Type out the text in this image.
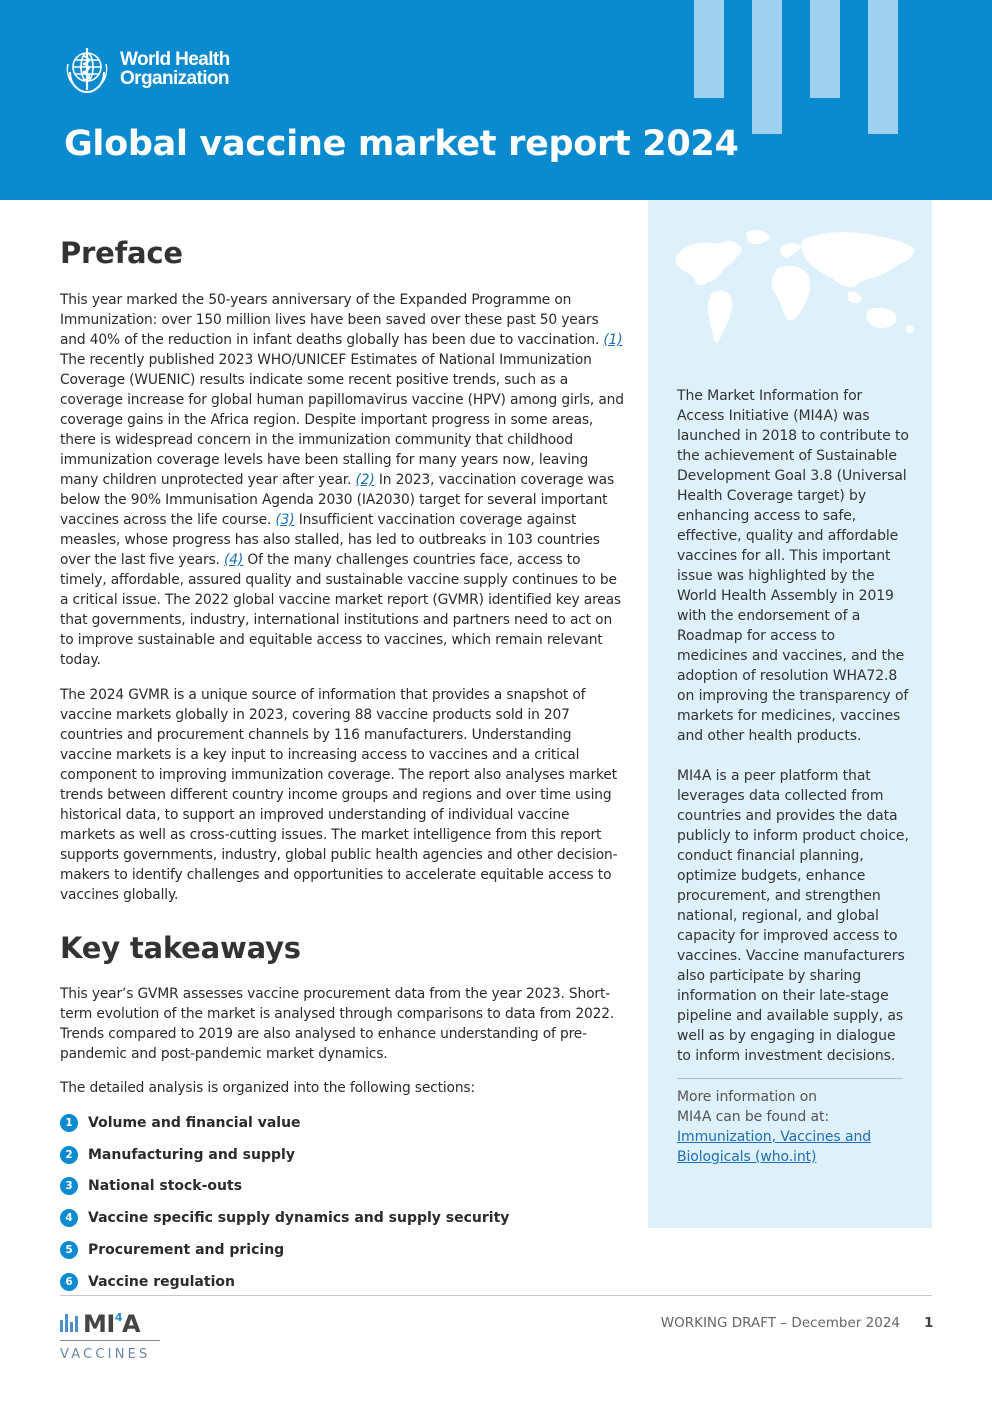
World Health
Organization
Global vaccine market report 2024
Preface

This year marked the 50-years anniversary of the Expanded Programme on Immunization: over 150 million lives have been saved over these past 50 years and 40% of the reduction in infant deaths globally has been due to vaccination. (1) The recently published 2023 WHO/UNICEF Estimates of National Immunization Coverage (WUENIC) results indicate some recent positive trends, such as a coverage increase for global human papillomavirus vaccine (HPV) among girls, and coverage gains in the Africa region. Despite important progress in some areas, there is widespread concern in the immunization community that childhood immunization coverage levels have been stalling for many years now, leaving many children unprotected year after year. (2) In 2023, vaccination coverage was below the 90% Immunisation Agenda 2030 (IA2030) target for several important vaccines across the life course. (3) Insufficient vaccination coverage against measles, whose progress has also stalled, has led to outbreaks in 103 countries over the last five years. (4) Of the many challenges countries face, access to timely, affordable, assured quality and sustainable vaccine supply continues to be a critical issue. The 2022 global vaccine market report (GVMR) identified key areas that governments, industry, international institutions and partners need to act on to improve sustainable and equitable access to vaccines, which remain relevant today.

The 2024 GVMR is a unique source of information that provides a snapshot of vaccine markets globally in 2023, covering 88 vaccine products sold in 207 countries and procurement channels by 116 manufacturers. Understanding vaccine markets is a key input to increasing access to vaccines and a critical component to improving immunization coverage. The report also analyses market trends between different country income groups and regions and over time using historical data, to support an improved understanding of individual vaccine markets as well as cross-cutting issues. The market intelligence from this report supports governments, industry, global public health agencies and other decision-makers to identify challenges and opportunities to accelerate equitable access to vaccines globally.

Key takeaways

This year’s GVMR assesses vaccine procurement data from the year 2023. Short-term evolution of the market is analysed through comparisons to data from 2022. Trends compared to 2019 are also analysed to enhance understanding of pre-pandemic and post-pandemic market dynamics.

The detailed analysis is organized into the following sections:

1	Volume and financial value
2	Manufacturing and supply
3	National stock-outs
4	Vaccine specific supply dynamics and supply security
5	Procurement and pricing
6	Vaccine regulation

The Market Information for Access Initiative (MI4A) was launched in 2018 to contribute to the achievement of Sustainable Development Goal 3.8 (Universal Health Coverage target) by enhancing access to safe, effective, quality and affordable vaccines for all. This important issue was highlighted by the World Health Assembly in 2019 with the endorsement of a Roadmap for access to medicines and vaccines, and the adoption of resolution WHA72.8 on improving the transparency of markets for medicines, vaccines and other health products.

MI4A is a peer platform that leverages data collected from countries and provides the data publicly to inform product choice, conduct financial planning, optimize budgets, enhance procurement, and strengthen national, regional, and global capacity for improved access to vaccines. Vaccine manufacturers also participate by sharing information on their late-stage pipeline and available supply, as well as by engaging in dialogue to inform investment decisions.

More information on MI4A can be found at:

Immunization, Vaccines and Biologicals (who.int)

$MI^4A$
VACCINES
WORKING DRAFT – December 2024 1
